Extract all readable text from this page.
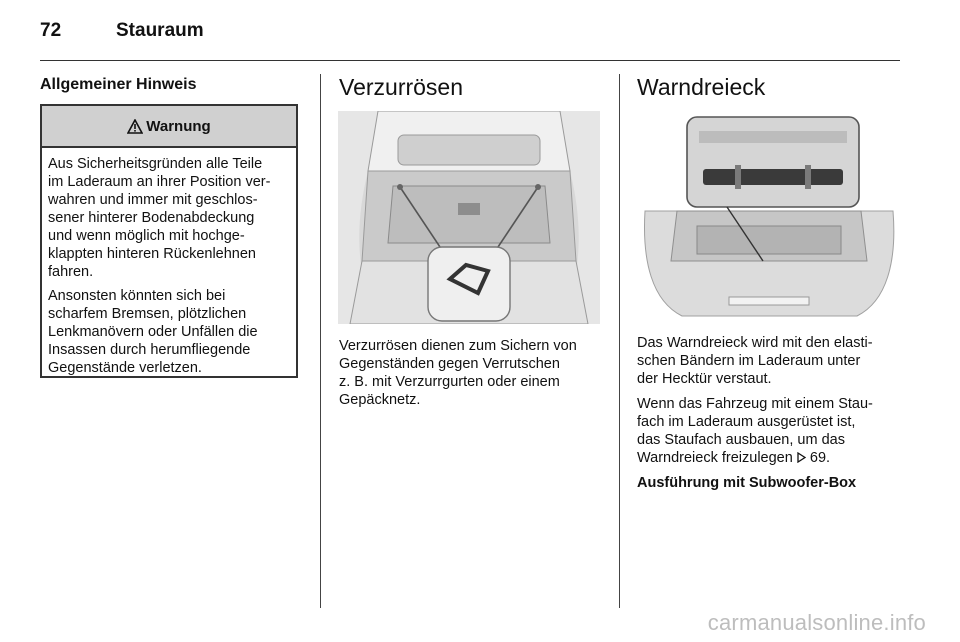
72	Stauraum
Allgemeiner Hinweis
Warnung

Aus Sicherheitsgründen alle Teile
im Laderaum an ihrer Position ver-
wahren und immer mit geschlos-
sener hinterer Bodenabdeckung
und wenn möglich mit hochge-
klappten hinteren Rückenlehnen
fahren.

Ansonsten könnten sich bei
scharfem Bremsen, plötzlichen
Lenkmanövern oder Unfällen die
Insassen durch herumfliegende
Gegenstände verletzen.

Verzurrösen

Verzurrösen dienen zum Sichern von
Gegenständen gegen Verrutschen
z. B. mit Verzurrgurten oder einem
Gepäcknetz.

Warndreieck

Das Warndreieck wird mit den elasti-
schen Bändern im Laderaum unter
der Hecktür verstaut.

Wenn das Fahrzeug mit einem Stau-
fach im Laderaum ausgerüstet ist,
das Staufach ausbauen, um das
Warndreieck freizulegen 69.

Ausführung mit Subwoofer-Box

carmanualsonline.info
